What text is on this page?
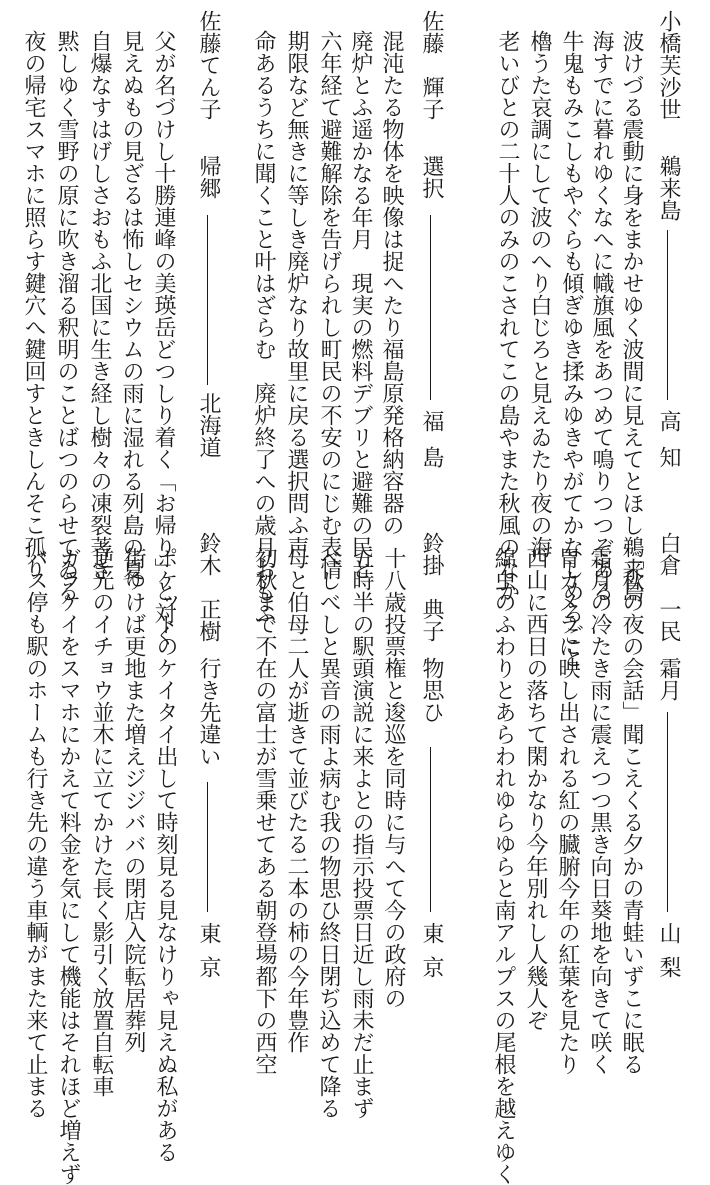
小橋芙沙世
鵜来島
高知
波けづる震動に身をまかせゆく波間に見えてとほし鵜来島
海すでに暮れゆくなへに幟旗風をあつめて鳴りつつぞある
牛鬼もみこしもやぐらも傾ぎゆき揉みゆきやがてかなしめるごと
櫓うた哀調にして波のへり白じろと見えゐたり夜の海
老いびとの二十人のみのこされてこの島やまた秋風のなか
佐藤　輝子
選択
福島
混沌たる物体を映像は捉へたり福島原発格納容器の
廃炉とふ遥かなる年月　現実の燃料デブリと避難の民と
六年経て避難解除を告げられし町民の不安のにじむ表情
期限など無きに等しき廃炉なり故里に戻る選択問ふ声
命あるうちに聞くこと叶はざらむ　廃炉終了への歳月おもふ
佐藤てん子
帰郷
北海道
父が名づけし十勝連峰の美瑛岳どつしり着く「お帰り」と対く
見えぬもの見ざるは怖しセシウムの雨に湿れる列島の夏
自爆なすはげしさおもふ北国に生き経し樹々の凍裂著き
黙しゆく雪野の原に吹き溜る釈明のことばつのらせてゐる
夜の帰宅スマホに照らす鍵穴へ鍵回すときしんそこ孤り
白倉　一民
霜月
山梨
「秋の夜の会話」聞こえくる夕かの青蛙いずこに眠る
霜月の冷たき雨に震えつつ黒き向日葵地を向きて咲く
胃カメラに映し出される紅の臓腑今年の紅葉を見たり
西山に西日の落ちて閑かなり今年別れし人幾人ぞ
綿虫のふわりとあらわれゆらゆらと南アルプスの尾根を越えゆく
鈴掛　典子
物思ひ
東京
十八歳投票権と逡巡を同時に与へて今の政府の
五時半の駅頭演説に来よとの指示投票日近し雨未だ止まず
べしべしと異音の雨よ病む我の物思ひ終日閉ぢ込めて降る
母と伯母二人が逝きて並びたる二本の柿の今年豊作
初秋まで不在の富士が雪乗せてある朝登場都下の西空
鈴木　正樹
行き先違い
東京
ポケットのケイタイ出して時刻見る見なけりゃ見えぬ私がある
街ゆけば更地また増えジジババの閉店入院転居葬列
逆光のイチョウ並木に立てかけた長く影引く放置自転車
ガラケイをスマホにかえて料金を気にして機能はそれほど増えず
バス停も駅のホームも行き先の違う車輌がまた来て止まる
